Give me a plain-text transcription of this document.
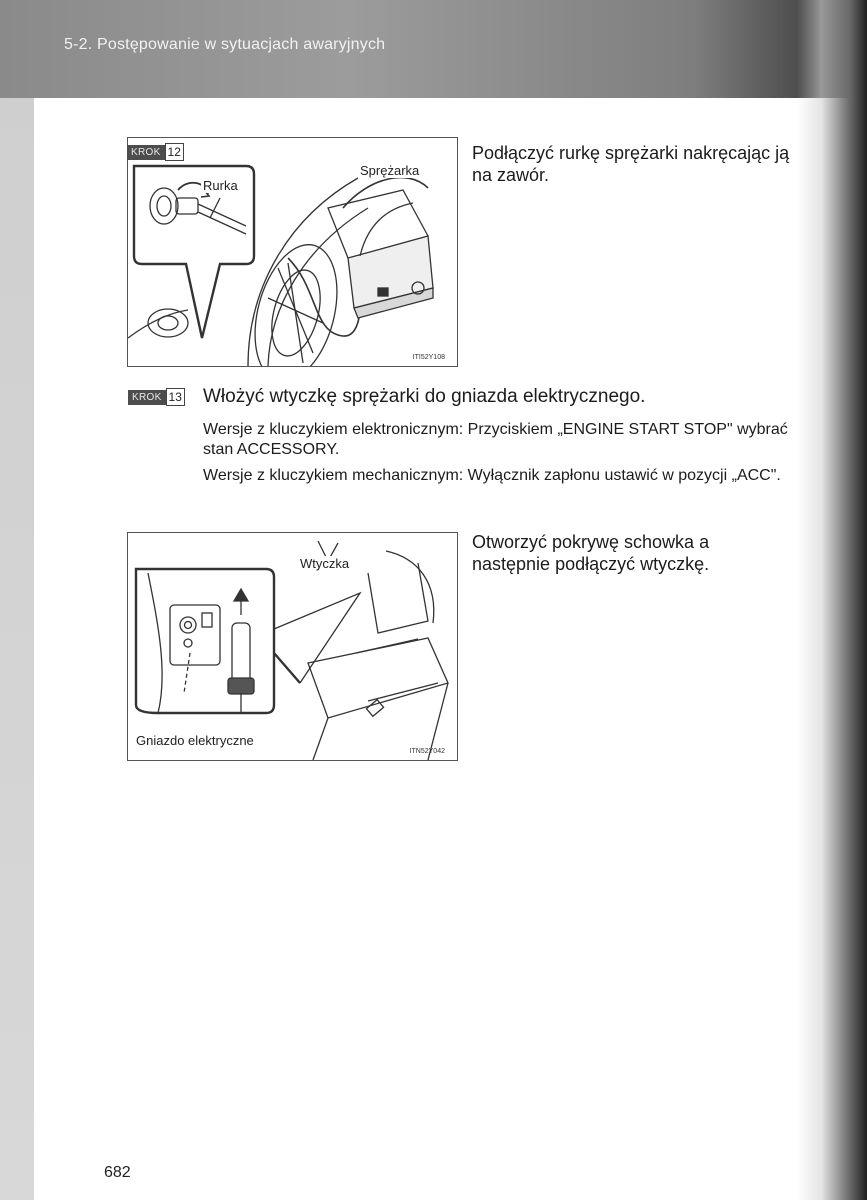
5-2. Postępowanie w sytuacjach awaryjnych
Rurka
Sprężarka
ITI52Y108
KROK 12	Podłączyć rurkę sprężarki nakręcając ją na zawór.
KROK 13 Włożyć wtyczkę sprężarki do gniazda elektrycznego.
Wersje z kluczykiem elektronicznym: Przyciskiem „ENGINE START STOP" wybrać stan ACCESSORY.
Wersje z kluczykiem mechanicznym: Wyłącznik zapłonu ustawić w pozycji „ACC".
Wtyczka
Gniazdo elektryczne
ITN52Y042
Otworzyć pokrywę schowka a następnie podłączyć wtyczkę.
682
